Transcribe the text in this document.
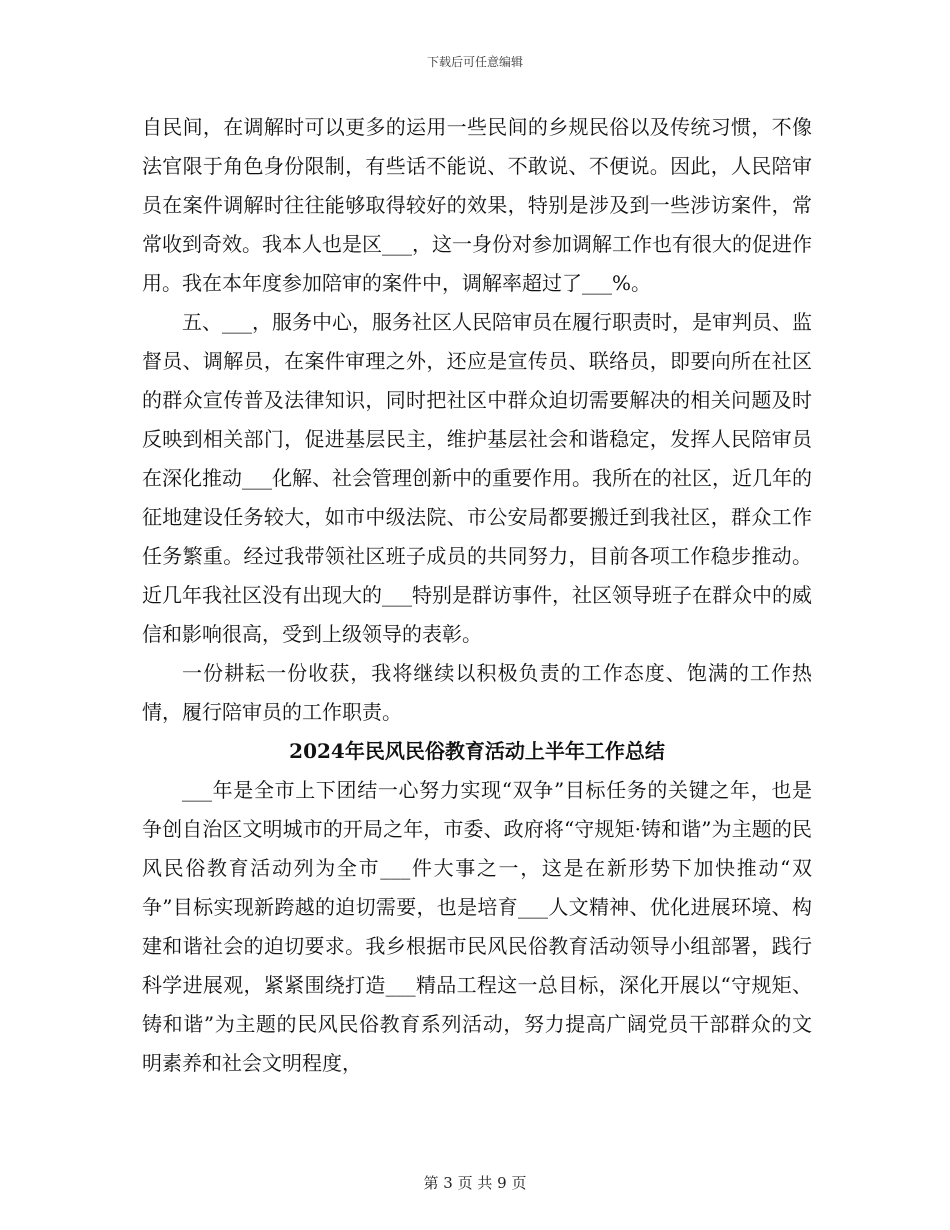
下载后可任意编辑

自民间，在调解时可以更多的运用一些民间的乡规民俗以及传统习惯，不像法官限于角色身份限制，有些话不能说、不敢说、不便说。因此，人民陪审员在案件调解时往往能够取得较好的效果，特别是涉及到一些涉访案件，常常收到奇效。我本人也是区___，这一身份对参加调解工作也有很大的促进作用。我在本年度参加陪审的案件中，调解率超过了___%。

五、___，服务中心，服务社区人民陪审员在履行职责时，是审判员、监督员、调解员，在案件审理之外，还应是宣传员、联络员，即要向所在社区的群众宣传普及法律知识，同时把社区中群众迫切需要解决的相关问题及时反映到相关部门，促进基层民主，维护基层社会和谐稳定，发挥人民陪审员在深化推动___化解、社会管理创新中的重要作用。我所在的社区，近几年的征地建设任务较大，如市中级法院、市公安局都要搬迁到我社区，群众工作任务繁重。经过我带领社区班子成员的共同努力，目前各项工作稳步推动。近几年我社区没有出现大的___特别是群访事件，社区领导班子在群众中的威信和影响很高，受到上级领导的表彰。

一份耕耘一份收获，我将继续以积极负责的工作态度、饱满的工作热情，履行陪审员的工作职责。

2024年民风民俗教育活动上半年工作总结

___年是全市上下团结一心努力实现“双争”目标任务的关键之年，也是争创自治区文明城市的开局之年，市委、政府将“守规矩·铸和谐”为主题的民风民俗教育活动列为全市___件大事之一，这是在新形势下加快推动“双争”目标实现新跨越的迫切需要，也是培育___人文精神、优化进展环境、构建和谐社会的迫切要求。我乡根据市民风民俗教育活动领导小组部署，践行科学进展观，紧紧围绕打造___精品工程这一总目标，深化开展以“守规矩、铸和谐”为主题的民风民俗教育系列活动，努力提高广阔党员干部群众的文明素养和社会文明程度，

第 3 页 共 9 页
